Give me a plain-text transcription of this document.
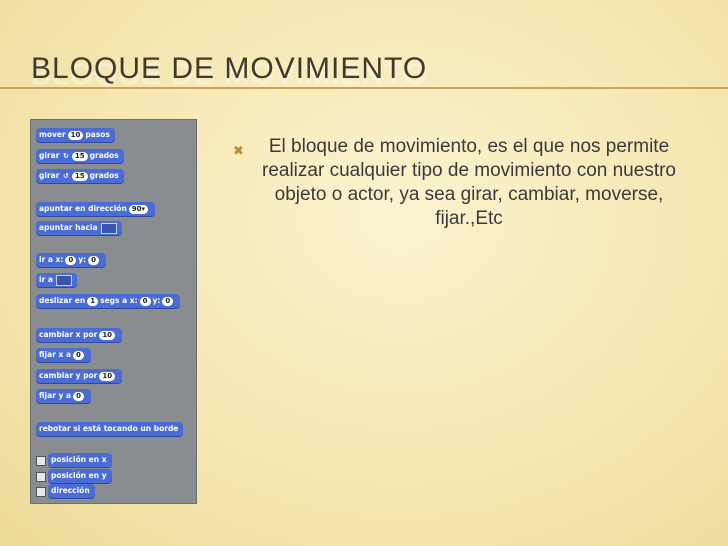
BLOQUE DE MOVIMIENTO
mover 10 pasos
girar ↻ 15 grados
girar ↺ 15 grados
apuntar en dirección 90▾
apuntar hacia
ir a x: 0 y: 0
ir a
deslizar en 1 segs a x: 0 y: 0
cambiar x por 10
fijar x a 0
cambiar y por 10
fijar y a 0
rebotar si está tocando un borde
posición en x
posición en y
dirección
✖	El bloque de movimiento, es el que nos permite realizar cualquier tipo de movimiento con nuestro objeto o actor, ya sea girar, cambiar, moverse, fijar.,Etc
